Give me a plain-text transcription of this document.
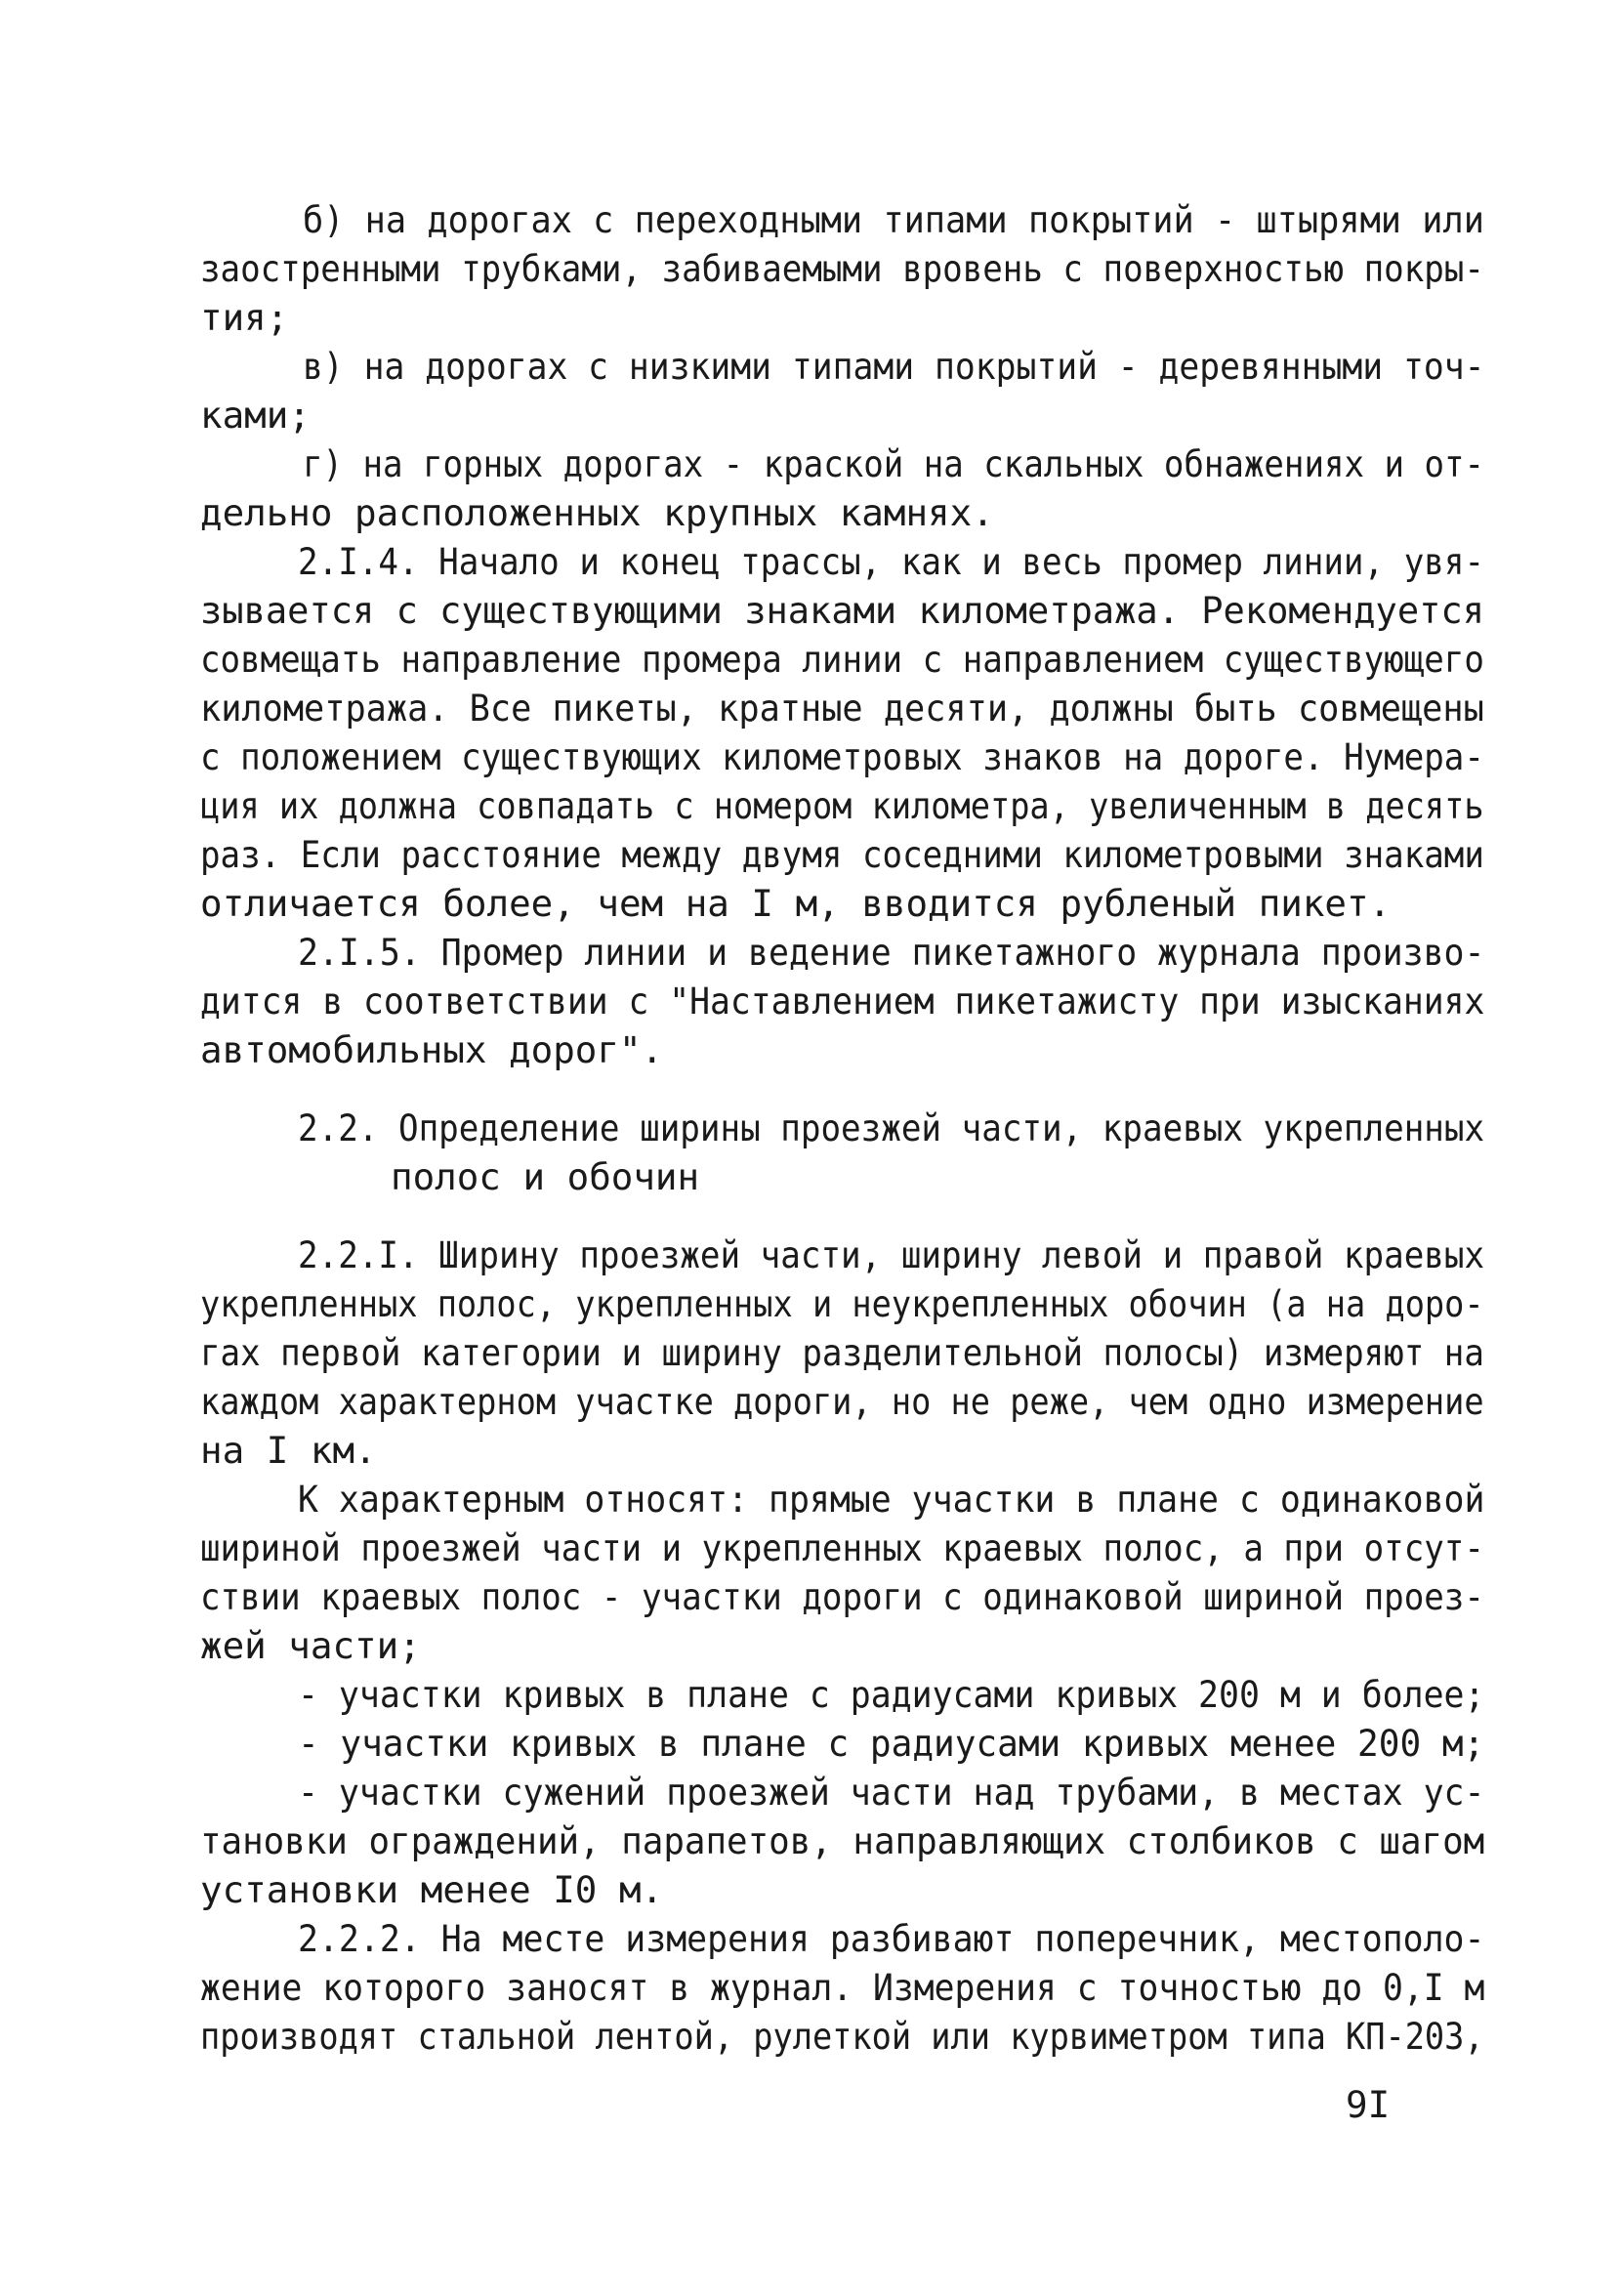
б) на дорогах с переходными типами покрытий - штырями или
заостренными трубками, забиваемыми вровень с поверхностью покры-
тия;
в) на дорогах с низкими типами покрытий - деревянными точ-
ками;
г) на горных дорогах - краской на скальных обнажениях и от-
дельно расположенных крупных камнях.
2.I.4. Начало и конец трассы, как и весь промер линии, увя-
зывается с существующими знаками километража. Рекомендуется
совмещать направление промера линии с направлением существующего
километража. Все пикеты, кратные десяти, должны быть совмещены
с положением существующих километровых знаков на дороге. Нумера-
ция их должна совпадать с номером километра, увеличенным в десять
раз. Если расстояние между двумя соседними километровыми знаками
отличается более, чем на I м, вводится рубленый пикет.
2.I.5. Промер линии и ведение пикетажного журнала произво-
дится в соответствии с "Наставлением пикетажисту при изысканиях
автомобильных дорог".
2.2. Определение ширины проезжей части, краевых укрепленных
полос и обочин
2.2.I. Ширину проезжей части, ширину левой и правой краевых
укрепленных полос, укрепленных и неукрепленных обочин (а на доро-
гах первой категории и ширину разделительной полосы) измеряют на
каждом характерном участке дороги, но не реже, чем одно измерение
на I км.
К характерным относят: прямые участки в плане с одинаковой
шириной проезжей части и укрепленных краевых полос, а при отсут-
ствии краевых полос - участки дороги с одинаковой шириной проез-
жей части;
- участки кривых в плане с радиусами кривых 200 м и более;
- участки кривых в плане с радиусами кривых менее 200 м;
- участки сужений проезжей части над трубами, в местах ус-
тановки ограждений, парапетов, направляющих столбиков с шагом
установки менее I0 м.
2.2.2. На месте измерения разбивают поперечник, местополо-
жение которого заносят в журнал. Измерения с точностью до 0,I м
производят стальной лентой, рулеткой или курвиметром типа КП-203,
9I
